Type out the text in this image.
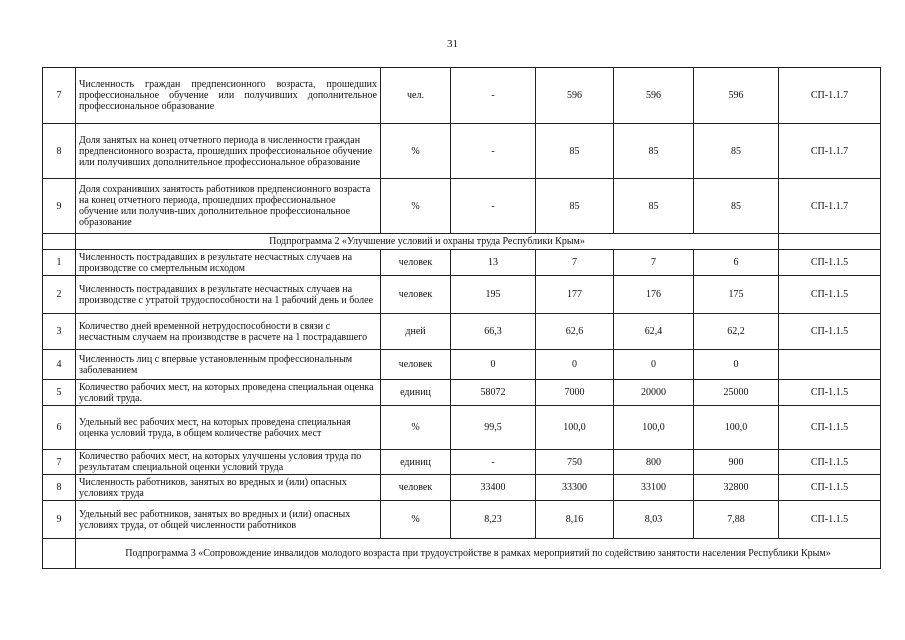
31
7	Численность граждан предпенсионного возраста, прошедших профессиональное обучение или получивших дополнительное профессиональное образование	чел.	-	596	596	596	СП-1.1.7
8	Доля занятых на конец отчетного периода в численности граждан предпенсионного возраста, прошедших профессиональное обучение или получивших дополнительное профессиональное образование	%	-	85	85	85	СП-1.1.7
9	Доля сохранивших занятость работников предпенсионного возраста на конец отчетного периода, прошедших профессиональное обучение или получив-ших дополнительное профессиональное образование	%	-	85	85	85	СП-1.1.7
	Подпрограмма 2 «Улучшение условий и охраны труда Республики Крым»						
1	Численность пострадавших в результате несчастных случаев на производстве со смертельным исходом	человек	13	7	7	6	СП-1.1.5
2	Численность пострадавших в результате несчастных случаев на производстве с утратой трудоспособности на 1 рабочий день и более	человек	195	177	176	175	СП-1.1.5
3	Количество дней временной нетрудоспособности в связи с несчастным случаем на производстве в расчете на 1 пострадавшего	дней	66,3	62,6	62,4	62,2	СП-1.1.5
4	Численность лиц с впервые установленным профессиональным заболеванием	человек	0	0	0	0	
5	Количество рабочих мест, на которых проведена специальная оценка условий труда.	единиц	58072	7000	20000	25000	СП-1.1.5
6	Удельный вес рабочих мест, на которых проведена специальная оценка условий труда, в общем количестве рабочих мест	%	99,5	100,0	100,0	100,0	СП-1.1.5
7	Количество рабочих мест, на которых улучшены условия труда по результатам специальной оценки условий труда	единиц	-	750	800	900	СП-1.1.5
8	Численность работников, занятых во вредных и (или) опасных условиях труда	человек	33400	33300	33100	32800	СП-1.1.5
9	Удельный вес работников, занятых во вредных и (или) опасных условиях труда, от общей численности работников	%	8,23	8,16	8,03	7,88	СП-1.1.5
	Подпрограмма 3 «Сопровождение инвалидов молодого возраста при трудоустройстве в рамках мероприятий по содействию занятости населения Республики Крым»						
